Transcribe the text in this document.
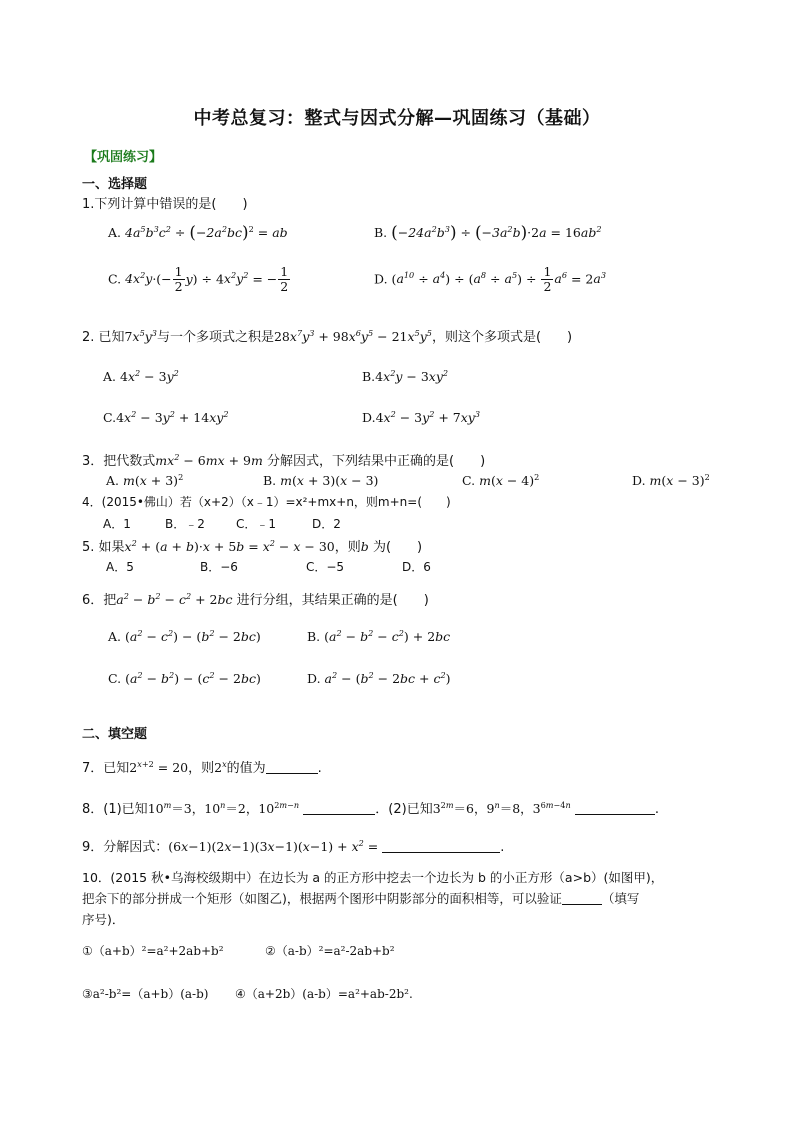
中考总复习：整式与因式分解—巩固练习（基础）
【巩固练习】
一、选择题
1.下列计算中错误的是(　　)
A. $4a^5b^3c^2 \div (-2a^2bc)^2$ = ab	B. $(-24a^2b^3) \div (-3a^2b)\cdot 2a = 16ab^2$
C. $4x^2y\cdot(- \frac{1}{2} y) \div 4x^2y^2$ = − $\frac{1}{2}$	D. $(a^{10} \div a^4) \div (a^8 \div a^5) \div \frac{1}{2} a^6 = 2a^3$
2. 已知$7x^5y^3$与一个多项式之积是$28x^7y^3 + 98x^6y^5 - 21x^5y^5$，则这个多项式是(　　)
A. $4x^2 - 3y^2$	$B.4x^2y - 3xy^2$
$C.4x^2 - 3y^2 + 14xy^2$	$D.4x^2 - 3y^2 + 7xy^3$
3．把代数式$mx^2 - 6mx + 9m$ 分解因式，下列结果中正确的是(　　)
A. $m(x + 3)^2$	B. m(x + 3)(x − 3)	C. $m(x - 4)^2$	D. $m(x - 3)^2$
4．(2015•佛山）若（x+2）（x﹣1）=x²+mx+n，则m+n=(　　)
A．1	B．﹣2	C．﹣1	D．2
5. 如果$x^2 + (a + b)\cdot x + 5b = x^2 - x - 30$，则b 为(　　)
A．5	B．−6	C．−5	D．6
6．把$a^2 - b^2 - c^2 + 2bc$ 进行分组，其结果正确的是(　　)
A. $(a^2 - c^2) - (b^2 - 2bc)$	B. $(a^2 - b^2 - c^2) + 2bc$
C. $(a^2 - b^2) - (c^2 - 2bc)$	D. $a^2 - (b^2 - 2bc + c^2)$
二、填空题
7．已知$2^{x+2} = 20$，则2$^x$的值为	.
8．(1)已知$10^m=3$，$10^n=2$，$10^{2m-n}$	．(2)已知$3^{2m}=6$，$9^n=8$，$3^{6m-4n}$	.
9．分解因式：$(6x-1)(2x-1)(3x-1)(x-1) + x^2$ =	.
10．(2015 秋•乌海校级期中）在边长为 a 的正方形中挖去一个边长为 b 的小正方形（a>b）(如图甲)，
把余下的部分拼成一个矩形（如图乙)，根据两个图形中阴影部分的面积相等，可以验证	（填写
序号)．
①（a+b）²=a²+2ab+b²	②（a-b）²=a²-2ab+b²
③a²-b²=（a+b）(a-b) ④（a+2b）(a-b）=a²+ab-2b².
